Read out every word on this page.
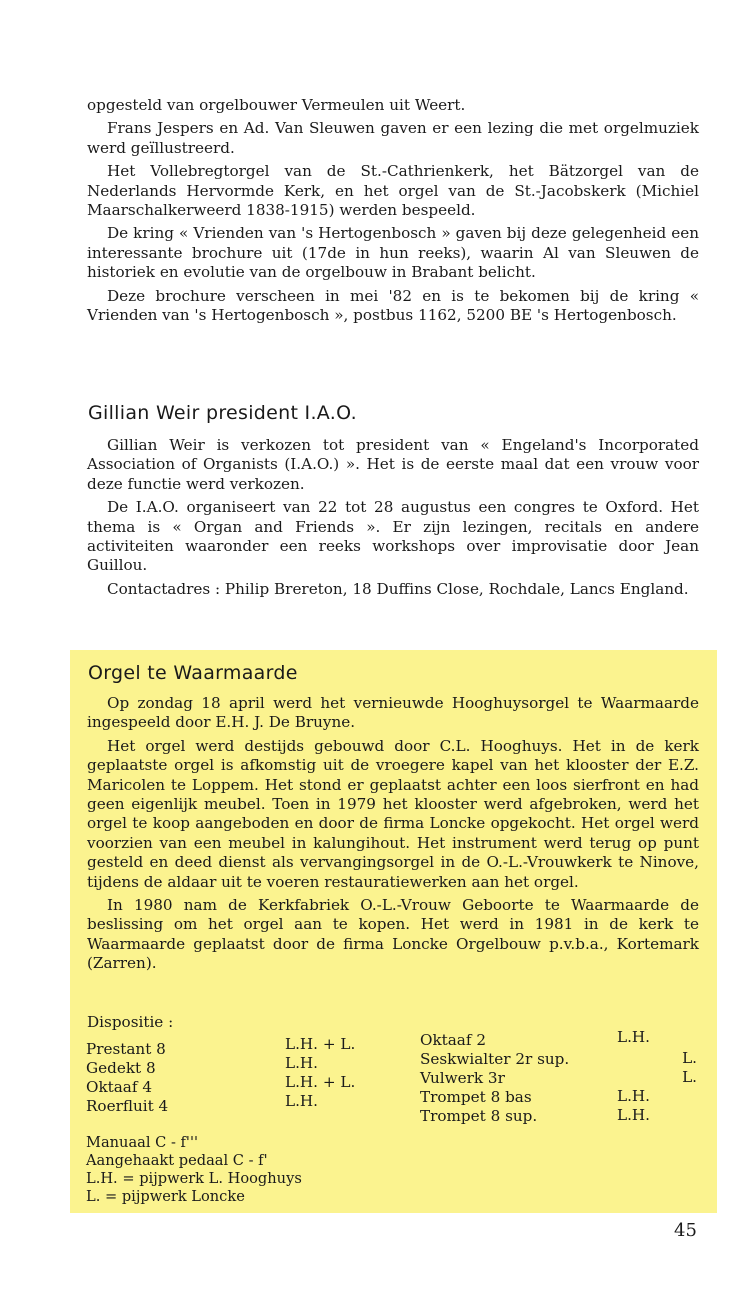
opgesteld van orgelbouwer Vermeulen uit Weert.

Frans Jespers en Ad. Van Sleuwen gaven er een lezing die met orgelmuziek werd geïllustreerd.

Het Vollebregtorgel van de St.-Cathrienkerk, het Bätzorgel van de Nederlands Hervormde Kerk, en het orgel van de St.-Jacobskerk (Michiel Maarschalkerweerd 1838-1915) werden bespeeld.

De kring « Vrienden van 's Hertogenbosch » gaven bij deze gelegenheid een interessante brochure uit (17de in hun reeks), waarin Al van Sleuwen de historiek en evolutie van de orgelbouw in Brabant belicht.

Deze brochure verscheen in mei '82 en is te bekomen bij de kring « Vrienden van 's Hertogenbosch », postbus 1162, 5200 BE 's Hertogenbosch.

Gillian Weir president I.A.O.

Gillian Weir is verkozen tot president van « Engeland's Incorporated Association of Organists (I.A.O.) ». Het is de eerste maal dat een vrouw voor deze functie werd verkozen.

De I.A.O. organiseert van 22 tot 28 augustus een congres te Oxford. Het thema is « Organ and Friends ». Er zijn lezingen, recitals en andere activiteiten waaronder een reeks workshops over improvisatie door Jean Guillou.

Contactadres : Philip Brereton, 18 Duffins Close, Rochdale, Lancs England.

Orgel te Waarmaarde

Op zondag 18 april werd het vernieuwde Hooghuysorgel te Waarmaarde ingespeeld door E.H. J. De Bruyne.

Het orgel werd destijds gebouwd door C.L. Hooghuys. Het in de kerk geplaatste orgel is afkomstig uit de vroegere kapel van het klooster der E.Z. Maricolen te Loppem. Het stond er geplaatst achter een loos sierfront en had geen eigenlijk meubel. Toen in 1979 het klooster werd afgebroken, werd het orgel te koop aangeboden en door de firma Loncke opgekocht. Het orgel werd voorzien van een meubel in kalungihout. Het instrument werd terug op punt gesteld en deed dienst als vervangingsorgel in de O.-L.-Vrouwkerk te Ninove, tijdens de aldaar uit te voeren restauratiewerken aan het orgel.

In 1980 nam de Kerkfabriek O.-L.-Vrouw Geboorte te Waarmaarde de beslissing om het orgel aan te kopen. Het werd in 1981 in de kerk te Waarmaarde geplaatst door de firma Loncke Orgelbouw p.v.b.a., Kortemark (Zarren).

Dispositie :
Prestant 8
Gedekt 8
Oktaaf 4
Roerfluit 4
L.H. + L.
L.H.
L.H. + L.
L.H.
Oktaaf 2
Seskwialter 2r sup.
Vulwerk 3r
Trompet 8 bas
Trompet 8 sup.
L.H.
L.
L.
L.H.
L.H.
Manuaal C - f'''
Aangehaakt pedaal C - f'
L.H. = pijpwerk L. Hooghuys
L. = pijpwerk Loncke
45
